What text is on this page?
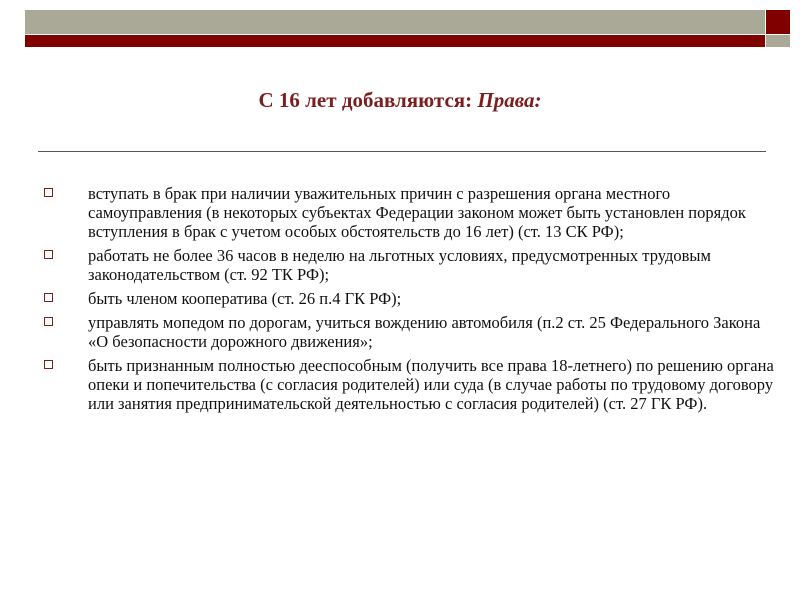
С 16 лет добавляются: Права:
вступать в брак при наличии уважительных причин с разрешения органа местного самоуправления (в некоторых субъектах Федерации законом может быть установлен порядок вступления в брак с учетом особых обстоятельств до 16 лет) (ст. 13 СК РФ);
работать не более 36 часов в неделю на льготных условиях, предусмотренных трудовым законодательством (ст. 92 ТК РФ);
быть членом кооператива (ст. 26 п.4 ГК РФ);
управлять мопедом по дорогам, учиться вождению автомобиля (п.2 ст. 25 Федерального Закона «О безопасности дорожного движения»;
быть признанным полностью дееспособным (получить все права 18-летнего) по решению органа опеки и попечительства (с согласия родителей) или суда (в случае работы по трудовому договору или занятия предпринимательской деятельностью с согласия родителей) (ст. 27 ГК РФ).
